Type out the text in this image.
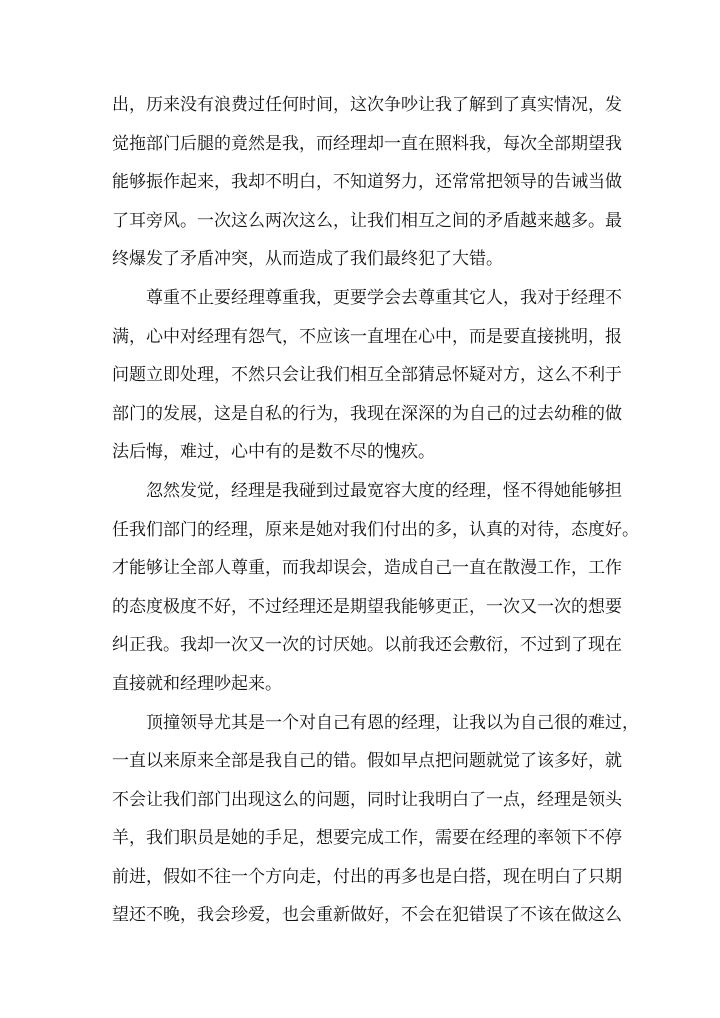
出，历来没有浪费过任何时间，这次争吵让我了解到了真实情况，发
觉拖部门后腿的竟然是我，而经理却一直在照料我，每次全部期望我
能够振作起来，我却不明白，不知道努力，还常常把领导的告诫当做
了耳旁风。一次这么两次这么，让我们相互之间的矛盾越来越多。最
终爆发了矛盾冲突，从而造成了我们最终犯了大错。
尊重不止要经理尊重我，更要学会去尊重其它人，我对于经理不
满，心中对经理有怨气，不应该一直埋在心中，而是要直接挑明，报
问题立即处理，不然只会让我们相互全部猜忌怀疑对方，这么不利于
部门的发展，这是自私的行为，我现在深深的为自己的过去幼稚的做
法后悔，难过，心中有的是数不尽的愧疚。
忽然发觉，经理是我碰到过最宽容大度的经理，怪不得她能够担
任我们部门的经理，原来是她对我们付出的多，认真的对待，态度好。
才能够让全部人尊重，而我却误会，造成自己一直在散漫工作，工作
的态度极度不好，不过经理还是期望我能够更正，一次又一次的想要
纠正我。我却一次又一次的讨厌她。以前我还会敷衍，不过到了现在
直接就和经理吵起来。
顶撞领导尤其是一个对自己有恩的经理，让我以为自己很的难过，
一直以来原来全部是我自己的错。假如早点把问题就觉了该多好，就
不会让我们部门出现这么的问题，同时让我明白了一点，经理是领头
羊，我们职员是她的手足，想要完成工作，需要在经理的率领下不停
前进，假如不往一个方向走，付出的再多也是白搭，现在明白了只期
望还不晚，我会珍爱，也会重新做好，不会在犯错误了不该在做这么
